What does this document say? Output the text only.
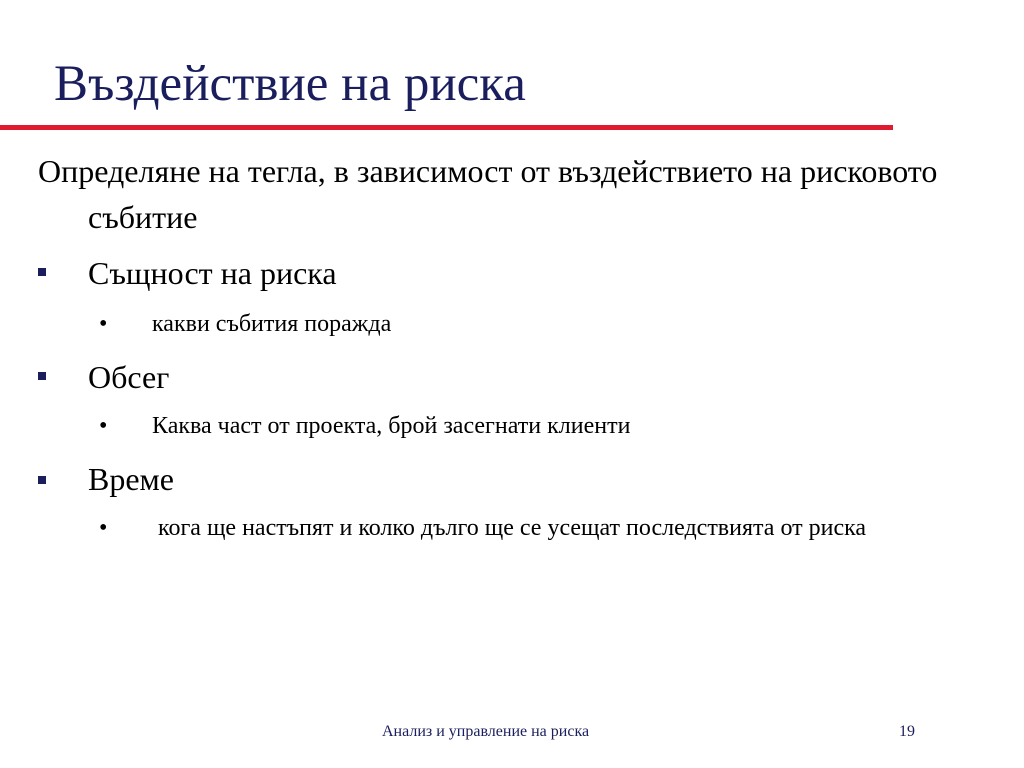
Въздействие на риска

Определяне на тегла, в зависимост от въздействието на рисковото събитие

Същност на риска

• какви събития поражда

Обсег

• Каква част от проекта, брой засегнати клиенти

Време

• кога ще настъпят и колко дълго ще се усещат последствията от риска

Анализ и управление на риска	19
